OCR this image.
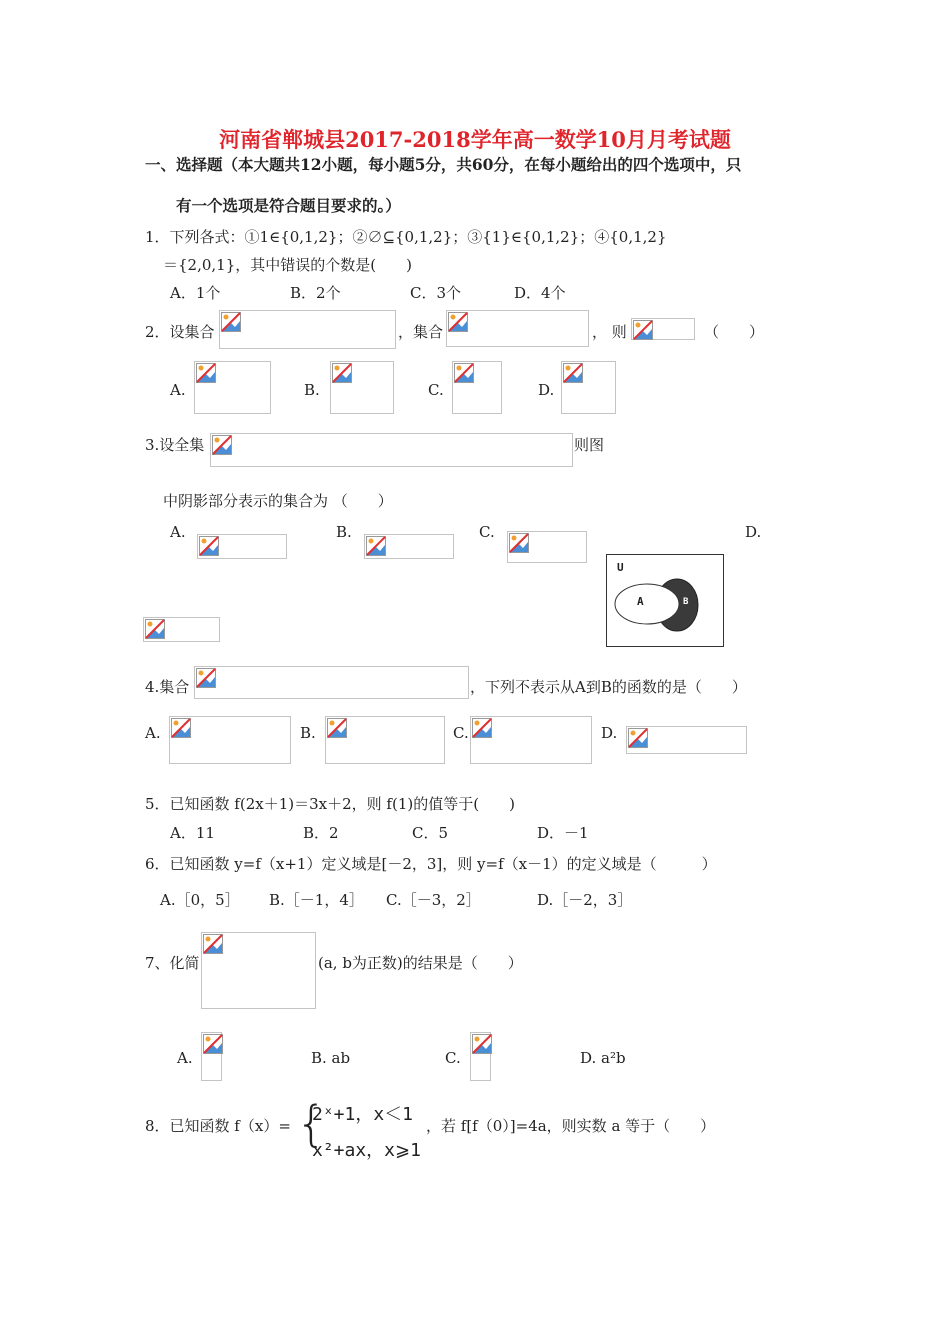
河南省郸城县2017-2018学年高一数学10月月考试题
一、选择题（本大题共12小题，每小题5分，共60分，在每小题给出的四个选项中，只
有一个选项是符合题目要求的。）
1．下列各式：①1∈{0,1,2}；②∅⊆{0,1,2}；③{1}∈{0,1,2}；④{0,1,2}
＝{2,0,1}，其中错误的个数是(　　)
A．1个	B．2个	C．3个	D．4个
2．设集合	，集合	， 则	（　　）
A.	B.	C.	D.
3.设全集	则图
中阴影部分表示的集合为 （　　）
A.	B.	C.	D.
U
A	B
4.集合	，下列不表示从A到B的函数的是（　　）
A.	B.	C.	D.
5．已知函数 f(2x＋1)＝3x＋2，则 f(1)的值等于(　　)
A．11	B．2	C．5	D．－1
6．已知函数 y=f（x+1）定义域是[－2，3]，则 y=f（x－1）的定义域是（　　　）
A.［0，5］ B.［－1，4］ C.［－3，2］	D.［－2，3］
7、化简	(a, b为正数)的结果是（　　）
A.	B. ab	C.	D. a²b
8．已知函数 f（x）= {
2ˣ+1，x＜1
x²+ax，x⩾1
，若 f[f（0）]=4a，则实数 a 等于（　　）
